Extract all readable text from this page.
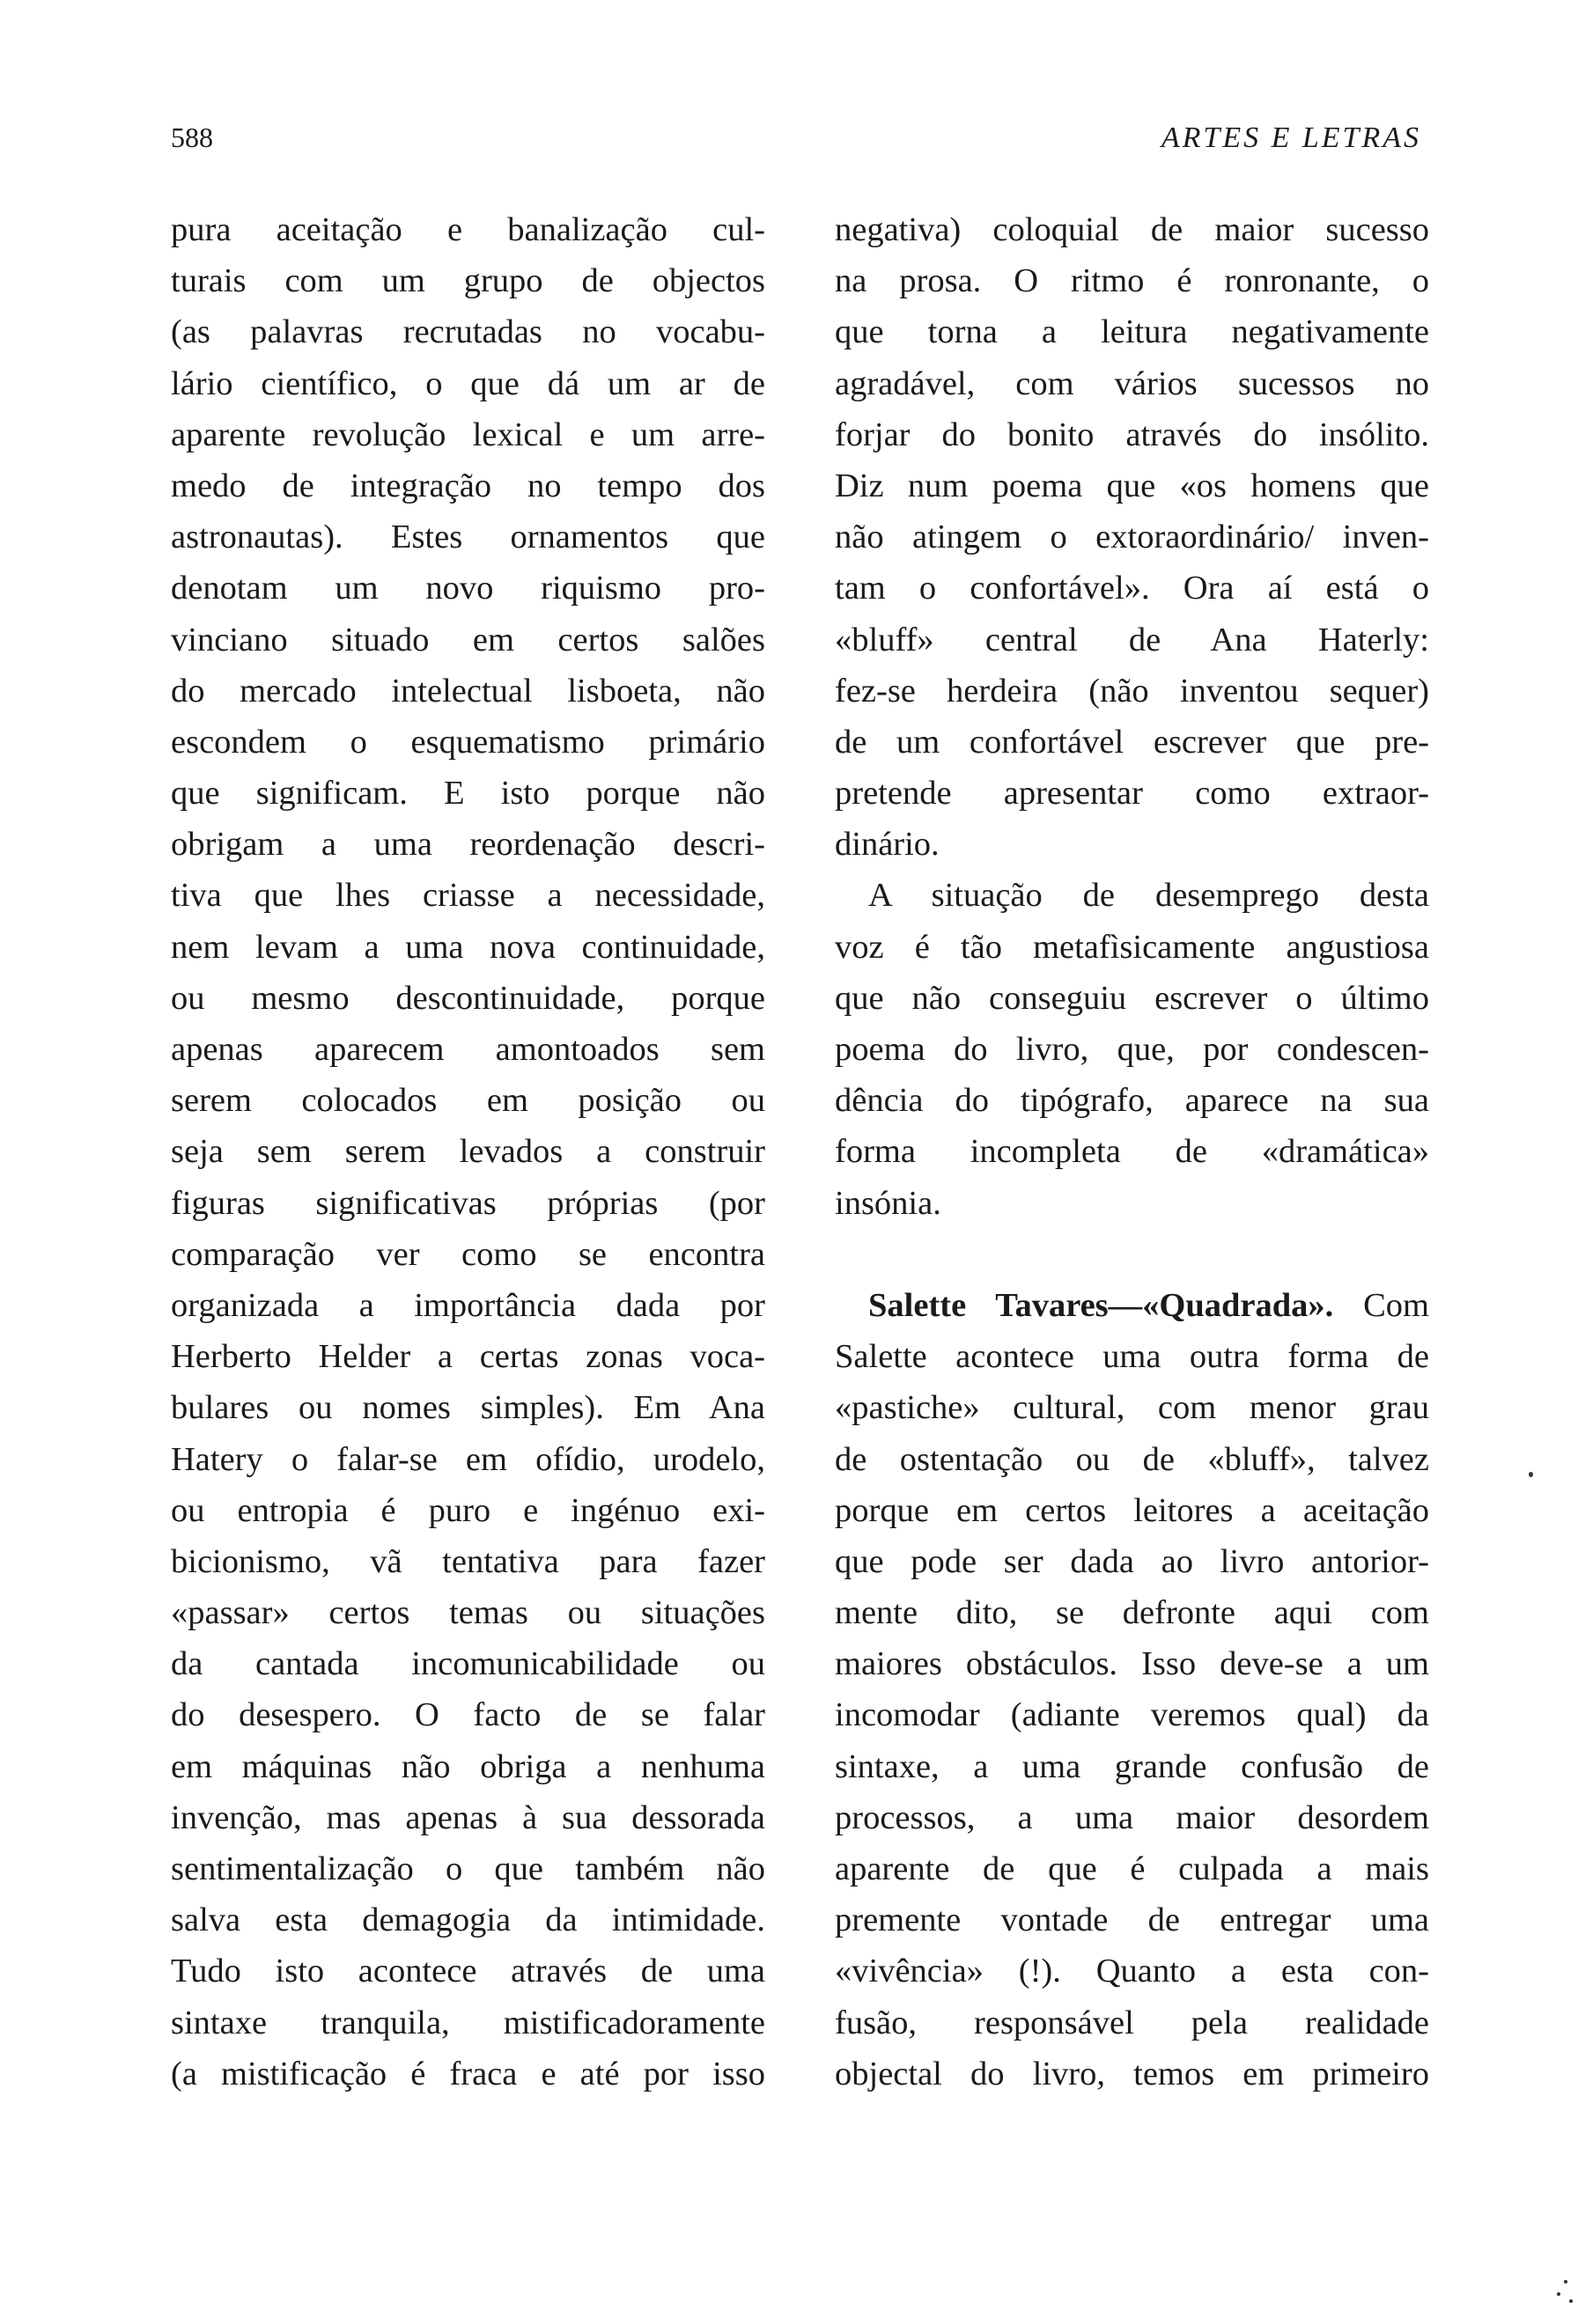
588	ARTES E LETRAS
pura aceitação e banalização cul-
turais com um grupo de objectos
(as palavras recrutadas no vocabu-
lário científico, o que dá um ar de
aparente revolução lexical e um arre-
medo de integração no tempo dos
astronautas). Estes ornamentos que
denotam um novo riquismo pro-
vinciano situado em certos salões
do mercado intelectual lisboeta, não
escondem o esquematismo primário
que significam. E isto porque não
obrigam a uma reordenação descri-
tiva que lhes criasse a necessidade,
nem levam a uma nova continuidade,
ou mesmo descontinuidade, porque
apenas aparecem amontoados sem
serem colocados em posição ou
seja sem serem levados a construir
figuras significativas próprias (por
comparação ver como se encontra
organizada a importância dada por
Herberto Helder a certas zonas voca-
bulares ou nomes simples). Em Ana
Hatery o falar-se em ofídio, urodelo,
ou entropia é puro e ingénuo exi-
bicionismo, vã tentativa para fazer
«passar» certos temas ou situações
da cantada incomunicabilidade ou
do desespero. O facto de se falar
em máquinas não obriga a nenhuma
invenção, mas apenas à sua dessorada
sentimentalização o que também não
salva esta demagogia da intimidade.
Tudo isto acontece através de uma
sintaxe tranquila, mistificadoramente
(a mistificação é fraca e até por isso
negativa) coloquial de maior sucesso
na prosa. O ritmo é ronronante, o
que torna a leitura negativamente
agradável, com vários sucessos no
forjar do bonito através do insólito.
Diz num poema que «os homens que
não atingem o extoraordinário/ inven-
tam o confortável». Ora aí está o
«bluff» central de Ana Haterly:
fez-se herdeira (não inventou sequer)
de um confortável escrever que pre-
pretende apresentar como extraor-
dinário.
A situação de desemprego desta
voz é tão metafìsicamente angustiosa
que não conseguiu escrever o último
poema do livro, que, por condescen-
dência do tipógrafo, aparece na sua
forma incompleta de «dramática»
insónia.
Salette Tavares—«Quadrada». Com
Salette acontece uma outra forma de
«pastiche» cultural, com menor grau
de ostentação ou de «bluff», talvez
porque em certos leitores a aceitação
que pode ser dada ao livro antorior-
mente dito, se defronte aqui com
maiores obstáculos. Isso deve-se a um
incomodar (adiante veremos qual) da
sintaxe, a uma grande confusão de
processos, a uma maior desordem
aparente de que é culpada a mais
premente vontade de entregar uma
«vivência» (!). Quanto a esta con-
fusão, responsável pela realidade
objectal do livro, temos em primeiro
